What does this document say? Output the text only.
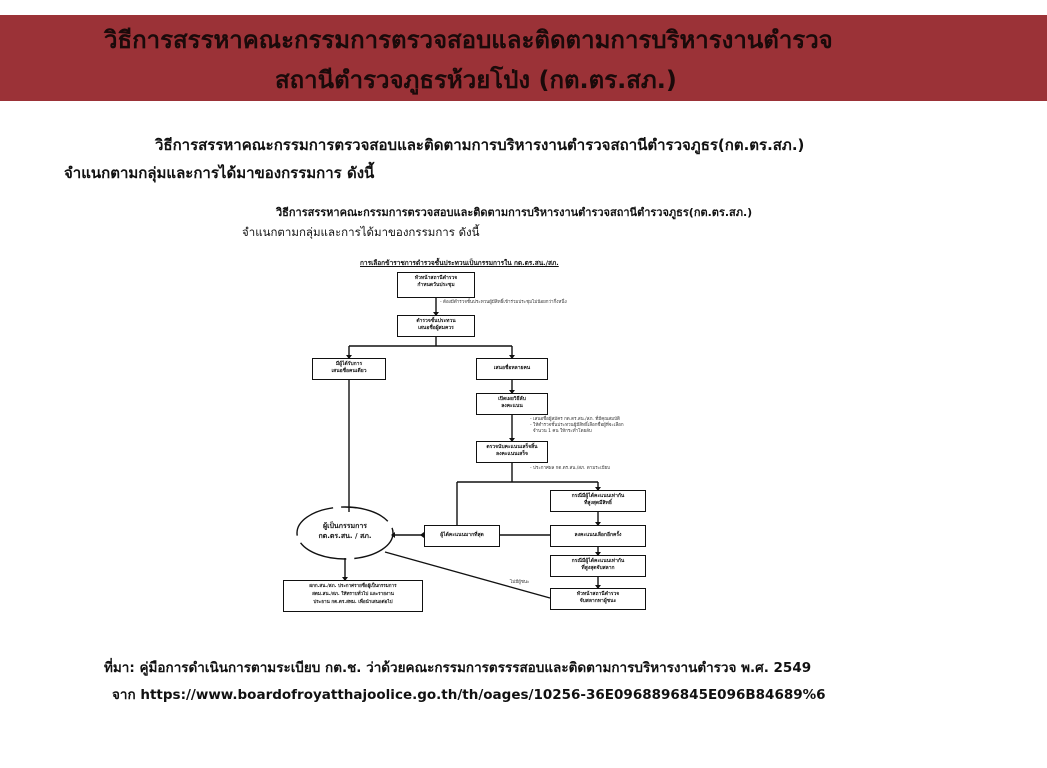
วิธีการสรรหาคณะกรรมการตรวจสอบและติดตามการบริหารงานตำรวจ
สถานีตำรวจภูธรห้วยโป่ง (กต.ตร.สภ.)
วิธีการสรรหาคณะกรรมการตรวจสอบและติดตามการบริหารงานตำรวจสถานีตำรวจภูธร(กต.ตร.สภ.)
จำแนกตามกลุ่มและการได้มาของกรรมการ ดังนี้
วิธีการสรรหาคณะกรรมการตรวจสอบและติดตามการบริหารงานตำรวจสถานีตำรวจภูธร(กต.ตร.สภ.)
จำแนกตามกลุ่มและการได้มาของกรรมการ ดังนี้
การเลือกข้าราชการตำรวจชั้นประทวนเป็นกรรมการใน กต.ตร.สน./สภ.
หัวหน้าสถานีตำรวจ
กำหนดวันประชุม
- ต้องมีตำรวจชั้นประทวนผู้มีสิทธิ์เข้าร่วมประชุมไม่น้อยกว่ากึ่งหนึ่ง
ตำรวจชั้นประทวน
เสนอชื่อผู้สมควร
มีผู้ได้รับการ
เสนอชื่อคนเดียว	เสนอชื่อหลายคน
เปิดเผยวิธีลับ
ลงคะแนน
- เสนอชื่อผู้สมัคร กต.ตร.สน./สภ. ที่มีคุณสมบัติ
- ให้ตำรวจชั้นประทวนผู้มีสิทธิ์เลือกชื่อผู้ที่จะเลือก
จำนวน 1 คน ให้กระทำโดยลับ
ตรวจนับคะแนนเสร็จสิ้น
ลงคะแนนเสร็จ
- ประกาศผล กต.ตร.สน./สภ. ตามระเบียบ
กรณีมีผู้ได้คะแนนเท่ากัน
ที่สูงสุดมีสิทธิ์
ลงคะแนนเลือกอีกครั้ง
กรณีมีผู้ได้คะแนนเท่ากัน
ที่สูงสุดจับสลาก
หัวหน้าสถานีตำรวจ
จับสลากหาผู้ชนะ
ไม่มีผู้ชนะ
ผู้ได้คะแนนมากที่สุด
ผู้เป็นกรรมการ
กต.ตร.สน. / สภ.
ผกก.สน./สภ. ประกาศรายชื่อผู้เป็นกรรมการ
สตม.สน./สภ. ให้ทราบทั่วไป และรายงาน
ประธาน กต.ตร.สทม. เพื่อนำเสนอต่อไป
ที่มา: คู่มือการดำเนินการตามระเบียบ กต.ช. ว่าด้วยคณะกรรมการตรรรสอบและติดตามการบริหารงานตำรวจ พ.ศ. 2549
จาก https://www.boardofroyatthajoolice.go.th/th/oages/10256-36E0968896845E096B84689%6
